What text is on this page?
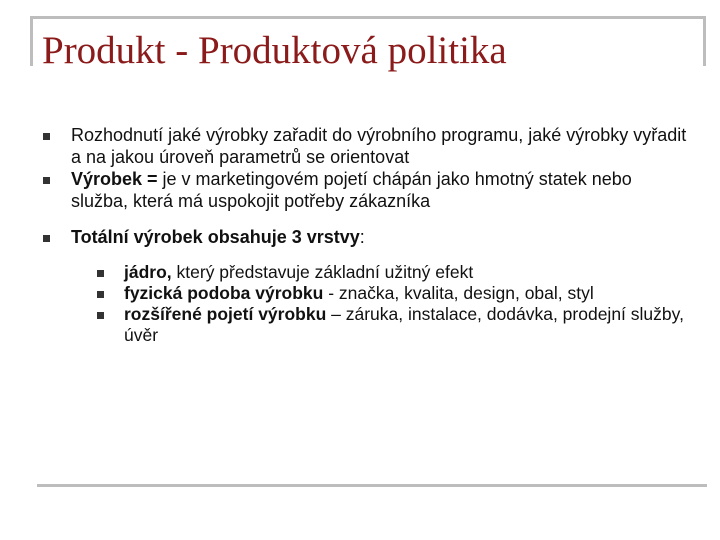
Produkt - Produktová politika
Rozhodnutí jaké výrobky zařadit do výrobního programu, jaké výrobky vyřadit a na jakou úroveň parametrů se orientovat
Výrobek = je v marketingovém pojetí chápán jako hmotný statek nebo služba, která má uspokojit potřeby zákazníka
Totální výrobek obsahuje 3 vrstvy:
jádro, který představuje základní užitný efekt
fyzická podoba výrobku - značka, kvalita, design, obal, styl
rozšířené pojetí výrobku – záruka, instalace, dodávka, prodejní služby, úvěr
